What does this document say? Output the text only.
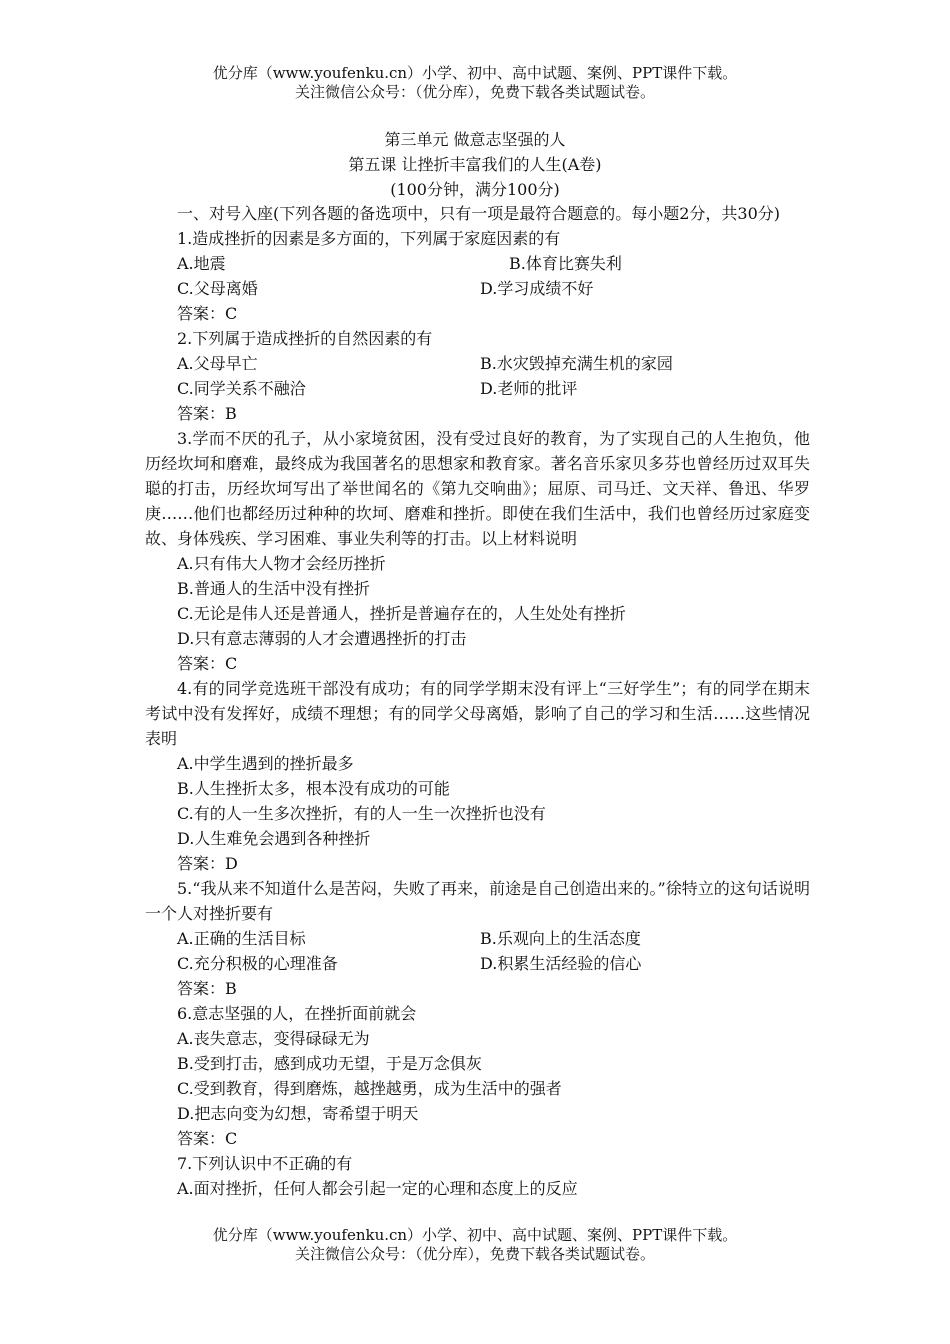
优分库（www.youfenku.cn）小学、初中、高中试题、案例、PPT课件下载。
关注微信公众号：（优分库），免费下载各类试题试卷。
第三单元 做意志坚强的人
第五课 让挫折丰富我们的人生(A卷)
(100分钟，满分100分)
一、对号入座(下列各题的备选项中，只有一项是最符合题意的。每小题2分，共30分)
1.造成挫折的因素是多方面的，下列属于家庭因素的有
A.地震	B.体育比赛失利
C.父母离婚	D.学习成绩不好
答案：C
2.下列属于造成挫折的自然因素的有
A.父母早亡	B.水灾毁掉充满生机的家园
C.同学关系不融洽	D.老师的批评
答案：B
3.学而不厌的孔子，从小家境贫困，没有受过良好的教育，为了实现自己的人生抱负，他历经坎坷和磨难，最终成为我国著名的思想家和教育家。著名音乐家贝多芬也曾经历过双耳失聪的打击，历经坎坷写出了举世闻名的《第九交响曲》；屈原、司马迁、文天祥、鲁迅、华罗庚……他们也都经历过种种的坎坷、磨难和挫折。即使在我们生活中，我们也曾经历过家庭变故、身体残疾、学习困难、事业失利等的打击。以上材料说明
A.只有伟大人物才会经历挫折
B.普通人的生活中没有挫折
C.无论是伟人还是普通人，挫折是普遍存在的，人生处处有挫折
D.只有意志薄弱的人才会遭遇挫折的打击
答案：C
4.有的同学竞选班干部没有成功；有的同学学期末没有评上“三好学生”；有的同学在期末考试中没有发挥好，成绩不理想；有的同学父母离婚，影响了自己的学习和生活……这些情况表明
A.中学生遇到的挫折最多
B.人生挫折太多，根本没有成功的可能
C.有的人一生多次挫折，有的人一生一次挫折也没有
D.人生难免会遇到各种挫折
答案：D
5.“我从来不知道什么是苦闷，失败了再来，前途是自己创造出来的。”徐特立的这句话说明一个人对挫折要有
A.正确的生活目标	B.乐观向上的生活态度
C.充分积极的心理准备	D.积累生活经验的信心
答案：B
6.意志坚强的人，在挫折面前就会
A.丧失意志，变得碌碌无为
B.受到打击，感到成功无望，于是万念俱灰
C.受到教育，得到磨炼，越挫越勇，成为生活中的强者
D.把志向变为幻想，寄希望于明天
答案：C
7.下列认识中不正确的有
A.面对挫折，任何人都会引起一定的心理和态度上的反应
优分库（www.youfenku.cn）小学、初中、高中试题、案例、PPT课件下载。
关注微信公众号：（优分库），免费下载各类试题试卷。
